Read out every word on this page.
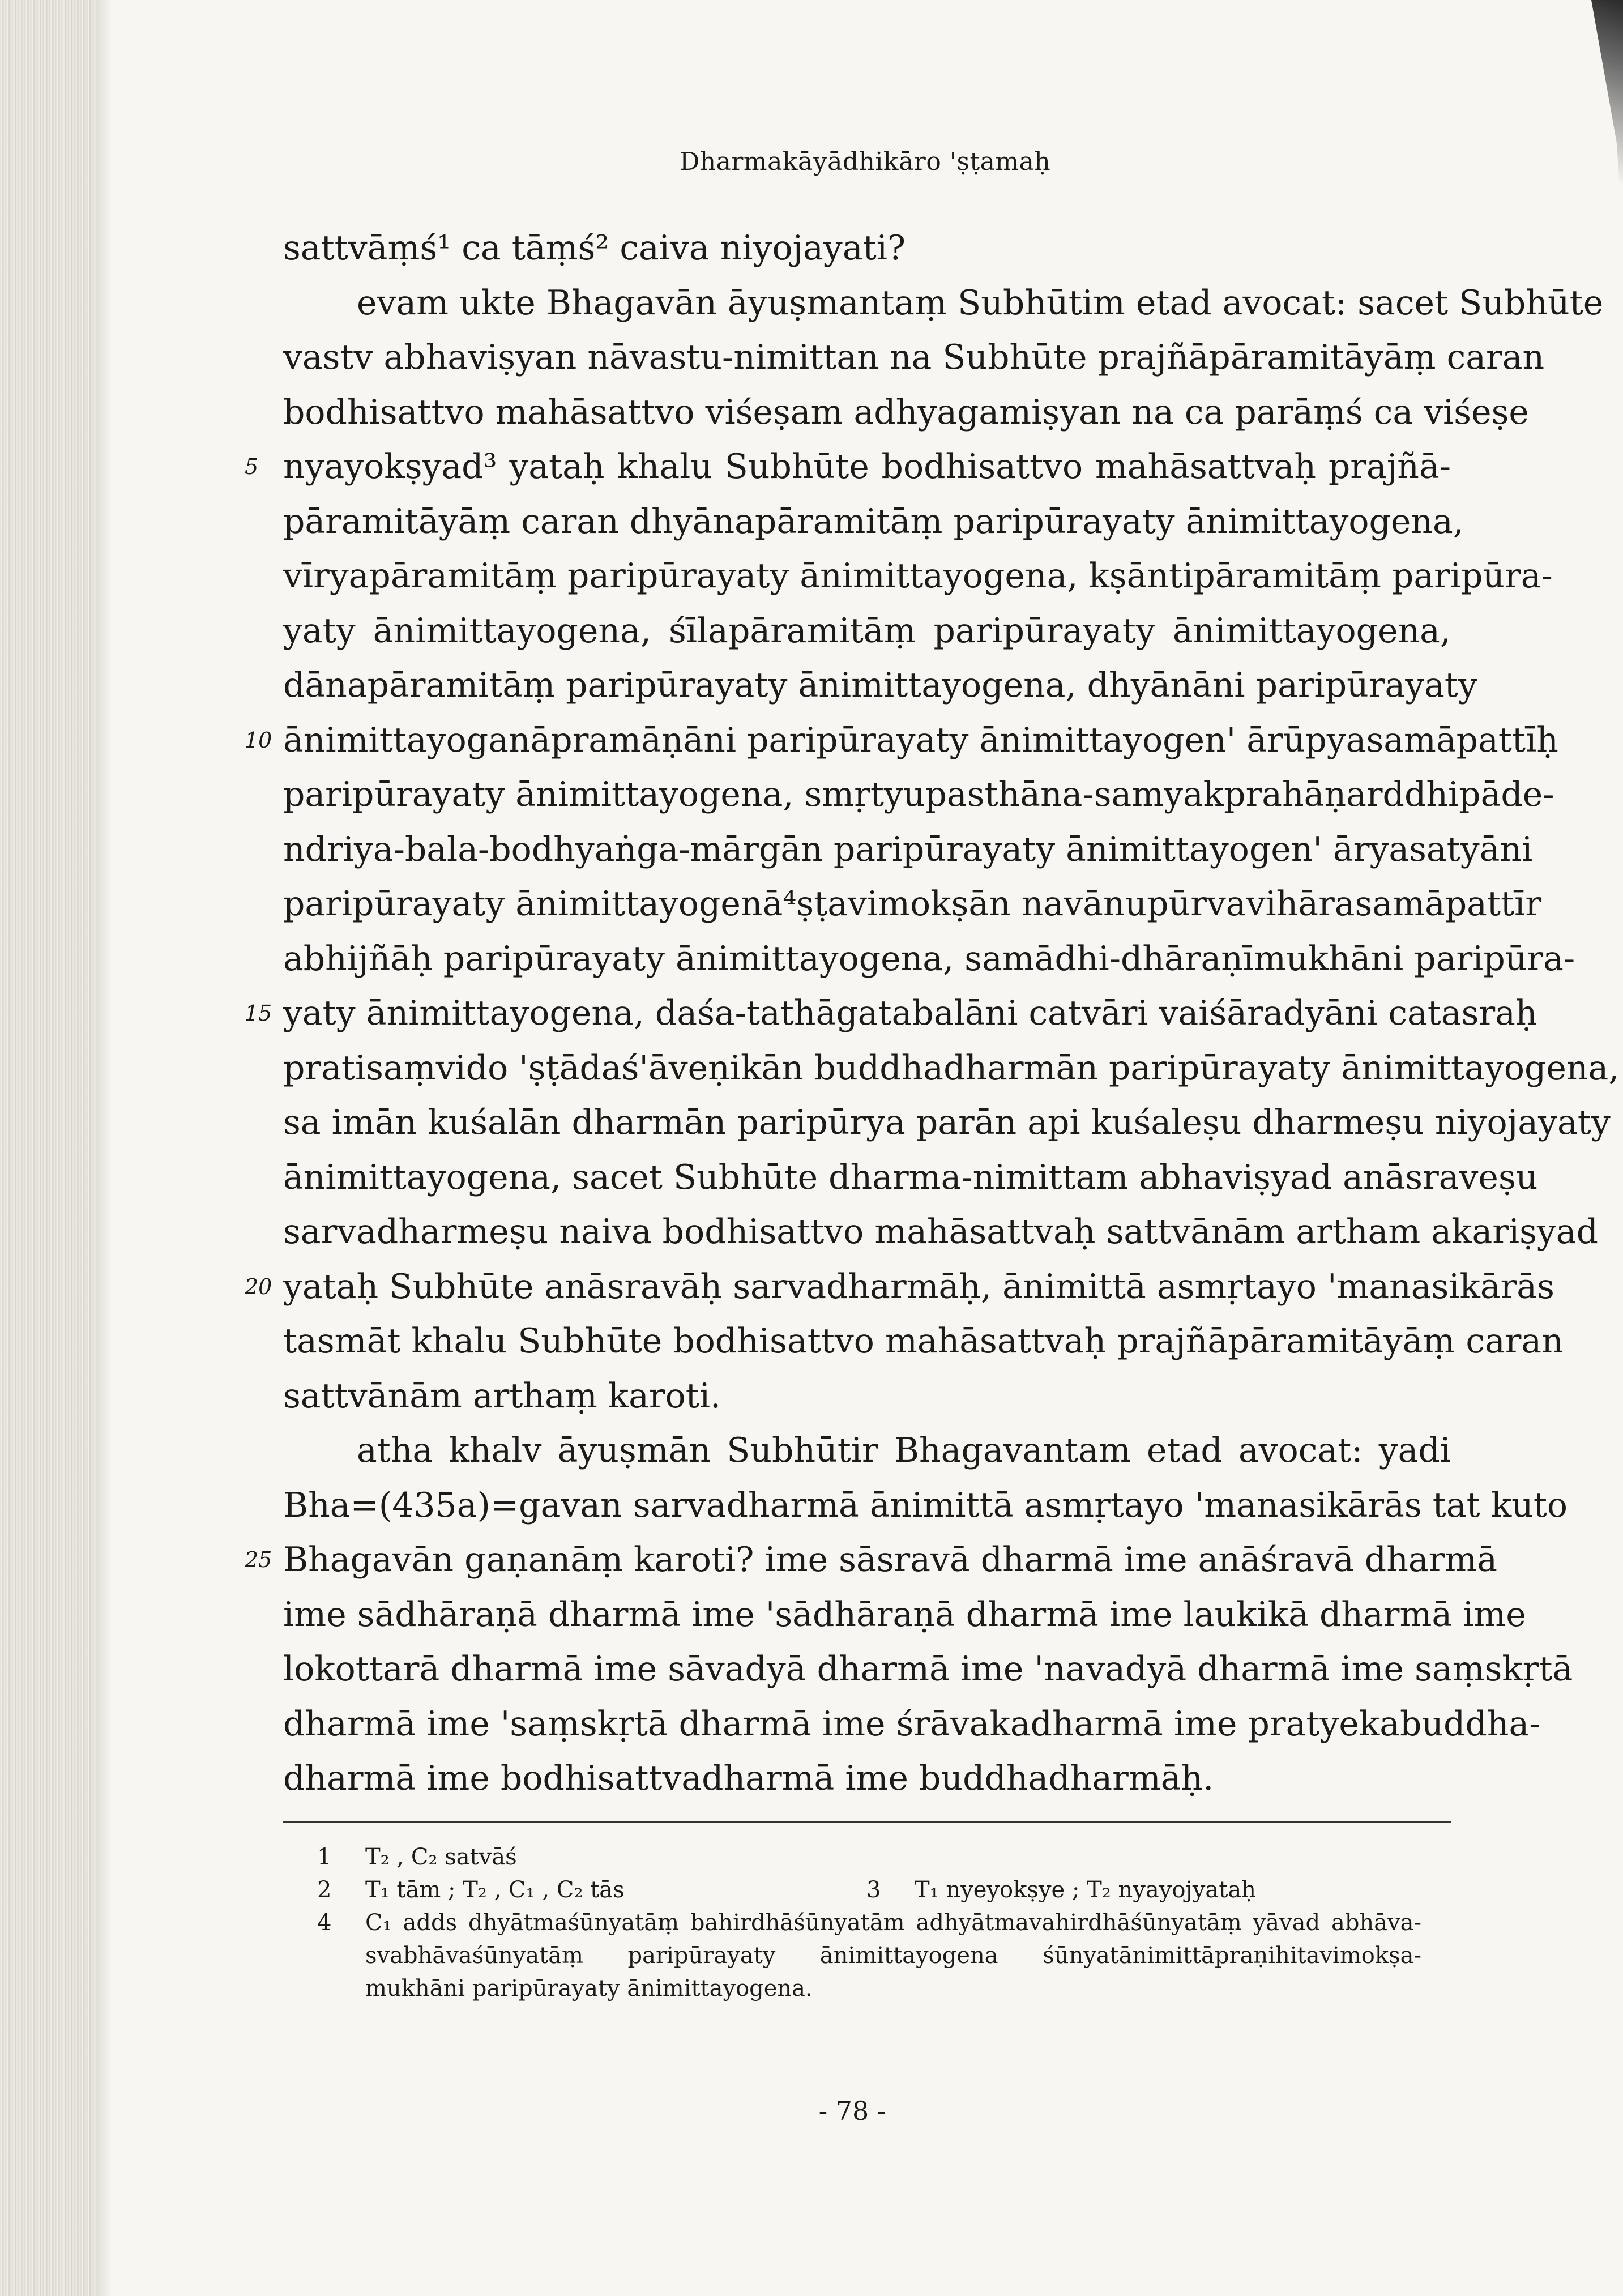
Dharmakāyādhikāro 'ṣṭamaḥ
sattvāṃś¹ ca tāṃś² caiva niyojayati?
evam ukte Bhagavān āyuṣmantaṃ Subhūtim etad avocat: sacet Subhūte
vastv abhaviṣyan nāvastu-nimittan na Subhūte prajñāpāramitāyāṃ caran
bodhisattvo mahāsattvo viśeṣam adhyagamiṣyan na ca parāṃś ca viśeṣe
5 nyayokṣyad³ yataḥ khalu Subhūte bodhisattvo mahāsattvaḥ prajñā-
pāramitāyāṃ caran dhyānapāramitāṃ paripūrayaty ānimittayogena,
vīryapāramitāṃ paripūrayaty ānimittayogena, kṣāntipāramitāṃ paripūra-
yaty ānimittayogena, śīlapāramitāṃ paripūrayaty ānimittayogena,
dānapāramitāṃ paripūrayaty ānimittayogena, dhyānāni paripūrayaty
10 ānimittayoganāpramāṇāni paripūrayaty ānimittayogen' ārūpyasamāpattīḥ
paripūrayaty ānimittayogena, smṛtyupasthāna-samyakprahāṇarddhipāde-
ndriya-bala-bodhyaṅga-mārgān paripūrayaty ānimittayogen' āryasatyāni
paripūrayaty ānimittayogenā⁴ṣṭavimokṣān navānupūrvavihārasamāpattīr
abhijñāḥ paripūrayaty ānimittayogena, samādhi-dhāraṇīmukhāni paripūra-
15 yaty ānimittayogena, daśa-tathāgatabalāni catvāri vaiśāradyāni catasraḥ
pratisaṃvido 'ṣṭādaś'āveṇikān buddhadharmān paripūrayaty ānimittayogena,
sa imān kuśalān dharmān paripūrya parān api kuśaleṣu dharmeṣu niyojayaty
ānimittayogena, sacet Subhūte dharma-nimittam abhaviṣyad anāsraveṣu
sarvadharmeṣu naiva bodhisattvo mahāsattvaḥ sattvānām artham akariṣyad
20 yataḥ Subhūte anāsravāḥ sarvadharmāḥ, ānimittā asmṛtayo 'manasikārās
tasmāt khalu Subhūte bodhisattvo mahāsattvaḥ prajñāpāramitāyāṃ caran
sattvānām arthaṃ karoti.
atha khalv āyuṣmān Subhūtir Bhagavantam etad avocat: yadi
Bha=(435a)=gavan sarvadharmā ānimittā asmṛtayo 'manasikārās tat kuto
25 Bhagavān gaṇanāṃ karoti? ime sāsravā dharmā ime anāśravā dharmā
ime sādhāraṇā dharmā ime 'sādhāraṇā dharmā ime laukikā dharmā ime
lokottarā dharmā ime sāvadyā dharmā ime 'navadyā dharmā ime saṃskṛtā
dharmā ime 'saṃskṛtā dharmā ime śrāvakadharmā ime pratyekabuddha-
dharmā ime bodhisattvadharmā ime buddhadharmāḥ.
1 T₂ , C₂ satvāś
2 T₁ tām ; T₂ , C₁ , C₂ tās	3 T₁ nyeyokṣye ; T₂ nyayojyataḥ
4 C₁ adds dhyātmaśūnyatāṃ bahirdhāśūnyatām adhyātmavahirdhāśūnyatāṃ yāvad abhāva-
svabhāvaśūnyatāṃ paripūrayaty ānimittayogena śūnyatānimittāpraṇihitavimokṣa-
mukhāni paripūrayaty ānimittayogena.
- 78 -
